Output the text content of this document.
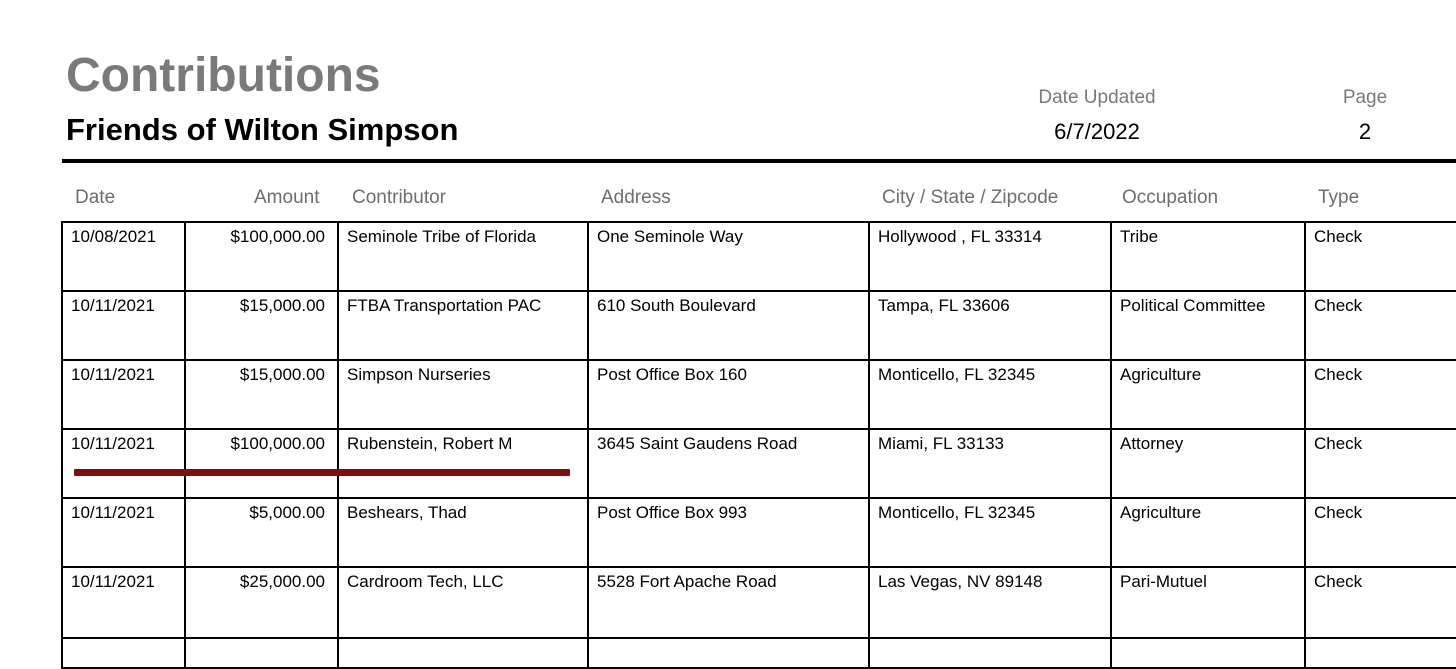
Contributions
Friends of Wilton Simpson
Date Updated
6/7/2022
Page
2
Date	Amount Contributor	Address	City / State / Zipcode	Occupation	Type
10/08/2021	$100,000.00	Seminole Tribe of Florida	One Seminole Way	Hollywood , FL 33314	Tribe	Check
10/11/2021	$15,000.00	FTBA Transportation PAC	610 South Boulevard	Tampa, FL 33606	Political Committee	Check
10/11/2021	$15,000.00	Simpson Nurseries	Post Office Box 160	Monticello, FL 32345	Agriculture	Check
10/11/2021	$100,000.00	Rubenstein, Robert M	3645 Saint Gaudens Road	Miami, FL 33133	Attorney	Check
10/11/2021	$5,000.00	Beshears, Thad	Post Office Box 993	Monticello, FL 32345	Agriculture	Check
10/11/2021	$25,000.00	Cardroom Tech, LLC	5528 Fort Apache Road	Las Vegas, NV 89148	Pari-Mutuel	Check
